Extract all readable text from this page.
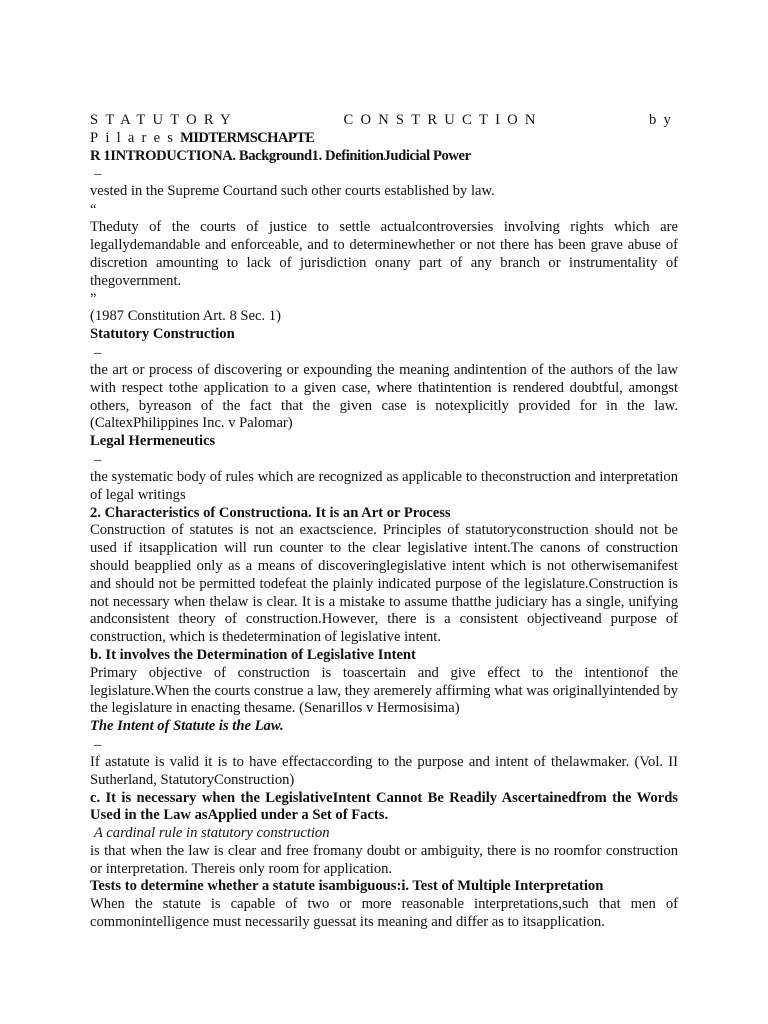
STATUTORY CONSTRUCTION by PilaresMIDTERMSCHAPTE

R 1INTRODUCTIONA. Background1. DefinitionJudicial Power

–

vested in the Supreme Courtand such other courts established by law.

“

Theduty of the courts of justice to settle actualcontroversies involving rights which are legallydemandable and enforceable, and to determinewhether or not there has been grave abuse of discretion amounting to lack of jurisdiction onany part of any branch or instrumentality of thegovernment.

”

(1987 Constitution Art. 8 Sec. 1)

Statutory Construction

–

the art or process of discovering or expounding the meaning andintention of the authors of the law with respect tothe application to a given case, where thatintention is rendered doubtful, amongst others, byreason of the fact that the given case is notexplicitly provided for in the law. (CaltexPhilippines Inc. v Palomar)

Legal Hermeneutics

–

the systematic body of rules which are recognized as applicable to theconstruction and interpretation of legal writings

2. Characteristics of Constructiona. It is an Art or Process

Construction of statutes is not an exactscience. Principles of statutoryconstruction should not be used if itsapplication will run counter to the clear legislative intent.The canons of construction should beapplied only as a means of discoveringlegislative intent which is not otherwisemanifest and should not be permitted todefeat the plainly indicated purpose of the legislature.Construction is not necessary when thelaw is clear. It is a mistake to assume thatthe judiciary has a single, unifying andconsistent theory of construction.However, there is a consistent objectiveand purpose of construction, which is thedetermination of legislative intent.

b. It involves the Determination of Legislative Intent

Primary objective of construction is toascertain and give effect to the intentionof the legislature.When the courts construe a law, they aremerely affirming what was originallyintended by the legislature in enacting thesame. (Senarillos v Hermosisima)

The Intent of Statute is the Law.

–

If astatute is valid it is to have effectaccording to the purpose and intent of thelawmaker. (Vol. II Sutherland, StatutoryConstruction)

c. It is necessary when the LegislativeIntent Cannot Be Readily Ascertainedfrom the Words Used in the Law asApplied under a Set of Facts.

A cardinal rule in statutory construction

is that when the law is clear and free fromany doubt or ambiguity, there is no roomfor construction or interpretation. Thereis only room for application.

Tests to determine whether a statute isambiguous:i. Test of Multiple Interpretation

When the statute is capable of two or more reasonable interpretations,such that men of commonintelligence must necessarily guessat its meaning and differ as to itsapplication.
